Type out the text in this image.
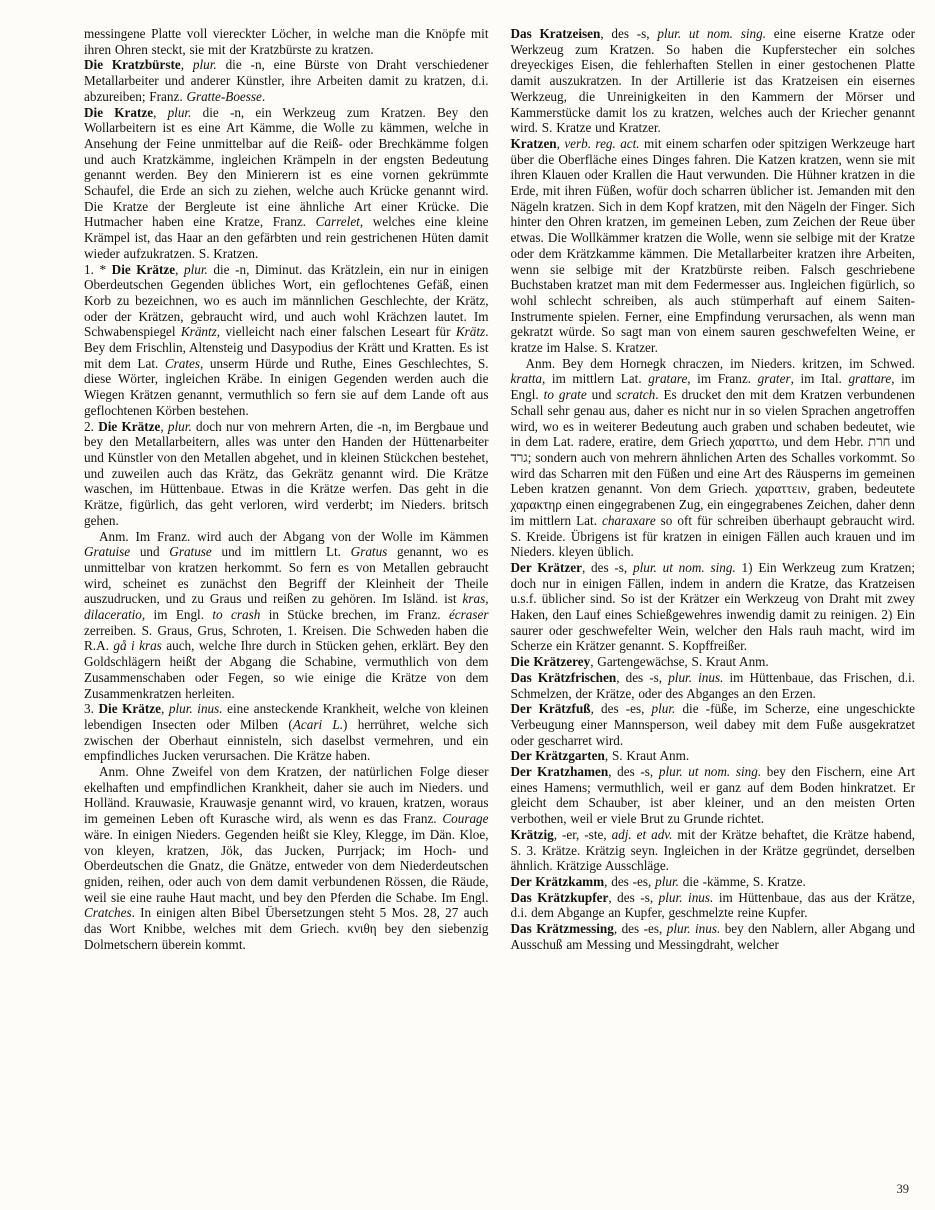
messingene Platte voll viereckter Löcher, in welche man die Knöpfe mit ihren Ohren steckt, sie mit der Kratzbürste zu kratzen.

Die Kratzbürste, plur. die -n, eine Bürste von Draht verschiedener Metallarbeiter und anderer Künstler, ihre Arbeiten damit zu kratzen, d.i. abzureiben; Franz. Gratte-Boesse.

Die Kratze, plur. die -n, ein Werkzeug zum Kratzen. Bey den Wollarbeitern ist es eine Art Kämme, die Wolle zu kämmen, welche in Ansehung der Feine unmittelbar auf die Reiß- oder Brechkämme folgen und auch Kratzkämme, ingleichen Krämpeln in der engsten Bedeutung genannt werden. Bey den Minierern ist es eine vornen gekrümmte Schaufel, die Erde an sich zu ziehen, welche auch Krücke genannt wird. Die Kratze der Bergleute ist eine ähnliche Art einer Krücke. Die Hutmacher haben eine Kratze, Franz. Carrelet, welches eine kleine Krämpel ist, das Haar an den gefärbten und rein gestrichenen Hüten damit wieder aufzukratzen. S. Kratzen.

1. * Die Krätze, plur. die -n, Diminut. das Krätzlein, ein nur in einigen Oberdeutschen Gegenden übliches Wort, ein geflochtenes Gefäß, einen Korb zu bezeichnen, wo es auch im männlichen Geschlechte, der Krätz, oder der Krätzen, gebraucht wird, und auch wohl Krächzen lautet. Im Schwabenspiegel Kräntz, vielleicht nach einer falschen Leseart für Krätz. Bey dem Frischlin, Altensteig und Dasypodius der Krätt und Kratten. Es ist mit dem Lat. Crates, unserm Hürde und Ruthe, Eines Geschlechtes, S. diese Wörter, ingleichen Kräbe. In einigen Gegenden werden auch die Wiegen Krätzen genannt, vermuthlich so fern sie auf dem Lande oft aus geflochtenen Körben bestehen.

2. Die Krätze, plur. doch nur von mehrern Arten, die -n, im Bergbaue und bey den Metallarbeitern, alles was unter den Handen der Hüttenarbeiter und Künstler von den Metallen abgehet, und in kleinen Stückchen bestehet, und zuweilen auch das Krätz, das Gekrätz genannt wird. Die Krätze waschen, im Hüttenbaue. Etwas in die Krätze werfen. Das geht in die Krätze, figürlich, das geht verloren, wird verderbt; im Nieders. britsch gehen.

Anm. Im Franz. wird auch der Abgang von der Wolle im Kämmen Gratuise und Gratuse und im mittlern Lt. Gratus genannt, wo es unmittelbar von kratzen herkommt. So fern es von Metallen gebraucht wird, scheinet es zunächst den Begriff der Kleinheit der Theile auszudrucken, und zu Graus und reißen zu gehören. Im Isländ. ist kras, dilaceratio, im Engl. to crash in Stücke brechen, im Franz. écraser zerreiben. S. Graus, Grus, Schroten, 1. Kreisen. Die Schweden haben die R.A. gå i kras auch, welche Ihre durch in Stücken gehen, erklärt. Bey den Goldschlägern heißt der Abgang die Schabine, vermuthlich von dem Zusammenschaben oder Fegen, so wie einige die Krätze von dem Zusammenkratzen herleiten.

3. Die Krätze, plur. inus. eine ansteckende Krankheit, welche von kleinen lebendigen Insecten oder Milben (Acari L.) herrühret, welche sich zwischen der Oberhaut einnisteln, sich daselbst vermehren, und ein empfindliches Jucken verursachen. Die Krätze haben.

Anm. Ohne Zweifel von dem Kratzen, der natürlichen Folge dieser ekelhaften und empfindlichen Krankheit, daher sie auch im Nieders. und Holländ. Krauwasie, Krauwasje genannt wird, vo krauen, kratzen, woraus im gemeinen Leben oft Kurasche wird, als wenn es das Franz. Courage wäre. In einigen Nieders. Gegenden heißt sie Kley, Klegge, im Dän. Kloe, von kleyen, kratzen, Jök, das Jucken, Purrjack; im Hoch- und Oberdeutschen die Gnatz, die Gnätze, entweder von dem Niederdeutschen gniden, reihen, oder auch von dem damit verbundenen Rössen, die Räude, weil sie eine rauhe Haut macht, und bey den Pferden die Schabe. Im Engl. Cratches. In einigen alten Bibel Übersetzungen steht 5 Mos. 28, 27 auch das Wort Knibbe, welches mit dem Griech. κνιθη bey den siebenzig Dolmetschern überein kommt.

Das Kratzeisen, des -s, plur. ut nom. sing. eine eiserne Kratze oder Werkzeug zum Kratzen. So haben die Kupferstecher ein solches dreyeckiges Eisen, die fehlerhaften Stellen in einer gestochenen Platte damit auszukratzen. In der Artillerie ist das Kratzeisen ein eisernes Werkzeug, die Unreinigkeiten in den Kammern der Mörser und Kammerstücke damit los zu kratzen, welches auch der Kriecher genannt wird. S. Kratze und Kratzer.

Kratzen, verb. reg. act. mit einem scharfen oder spitzigen Werkzeuge hart über die Oberfläche eines Dinges fahren. Die Katzen kratzen, wenn sie mit ihren Klauen oder Krallen die Haut verwunden. Die Hühner kratzen in die Erde, mit ihren Füßen, wofür doch scharren üblicher ist. Jemanden mit den Nägeln kratzen. Sich in dem Kopf kratzen, mit den Nägeln der Finger. Sich hinter den Ohren kratzen, im gemeinen Leben, zum Zeichen der Reue über etwas. Die Wollkämmer kratzen die Wolle, wenn sie selbige mit der Kratze oder dem Krätzkamme kämmen. Die Metallarbeiter kratzen ihre Arbeiten, wenn sie selbige mit der Kratzbürste reiben. Falsch geschriebene Buchstaben kratzet man mit dem Federmesser aus. Ingleichen figürlich, so wohl schlecht schreiben, als auch stümperhaft auf einem Saiten-Instrumente spielen. Ferner, eine Empfindung verursachen, als wenn man gekratzt würde. So sagt man von einem sauren geschwefelten Weine, er kratze im Halse. S. Kratzer.

Anm. Bey dem Hornegk chraczen, im Nieders. kritzen, im Schwed. kratta, im mittlern Lat. gratare, im Franz. grater, im Ital. grattare, im Engl. to grate und scratch. Es drucket den mit dem Kratzen verbundenen Schall sehr genau aus, daher es nicht nur in so vielen Sprachen angetroffen wird, wo es in weiterer Bedeutung auch graben und schaben bedeutet, wie in dem Lat. radere, eratire, dem Griech χαραττω, und dem Hebr. חרת und גרד; sondern auch von mehrern ähnlichen Arten des Schalles vorkommt. So wird das Scharren mit den Füßen und eine Art des Räusperns im gemeinen Leben kratzen genannt. Von dem Griech. χαραττειν, graben, bedeutete χαρακτηρ einen eingegrabenen Zug, ein eingegrabenes Zeichen, daher denn im mittlern Lat. charaxare so oft für schreiben überhaupt gebraucht wird. S. Kreide. Übrigens ist für kratzen in einigen Fällen auch krauen und im Nieders. kleyen üblich.

Der Krätzer, des -s, plur. ut nom. sing. 1) Ein Werkzeug zum Kratzen; doch nur in einigen Fällen, indem in andern die Kratze, das Kratzeisen u.s.f. üblicher sind. So ist der Krätzer ein Werkzeug von Draht mit zwey Haken, den Lauf eines Schießgewehres inwendig damit zu reinigen. 2) Ein saurer oder geschwefelter Wein, welcher den Hals rauh macht, wird im Scherze ein Krätzer genannt. S. Kopffreißer.

Die Krätzerey, Gartengewächse, S. Kraut Anm.

Das Krätzfrischen, des -s, plur. inus. im Hüttenbaue, das Frischen, d.i. Schmelzen, der Krätze, oder des Abganges an den Erzen.

Der Krätzfuß, des -es, plur. die -füße, im Scherze, eine ungeschickte Verbeugung einer Mannsperson, weil dabey mit dem Fuße ausgekratzet oder gescharret wird.

Der Krätzgarten, S. Kraut Anm.

Der Kratzhamen, des -s, plur. ut nom. sing. bey den Fischern, eine Art eines Hamens; vermuthlich, weil er ganz auf dem Boden hinkratzet. Er gleicht dem Schauber, ist aber kleiner, und an den meisten Orten verbothen, weil er viele Brut zu Grunde richtet.

Krätzig, -er, -ste, adj. et adv. mit der Krätze behaftet, die Krätze habend, S. 3. Krätze. Krätzig seyn. Ingleichen in der Krätze gegründet, derselben ähnlich. Krätzige Ausschläge.

Der Krätzkamm, des -es, plur. die -kämme, S. Kratze.

Das Krätzkupfer, des -s, plur. inus. im Hüttenbaue, das aus der Krätze, d.i. dem Abgange an Kupfer, geschmelzte reine Kupfer.

Das Krätzmessing, des -es, plur. inus. bey den Nablern, aller Abgang und Ausschuß am Messing und Messingdraht, welcher

39
